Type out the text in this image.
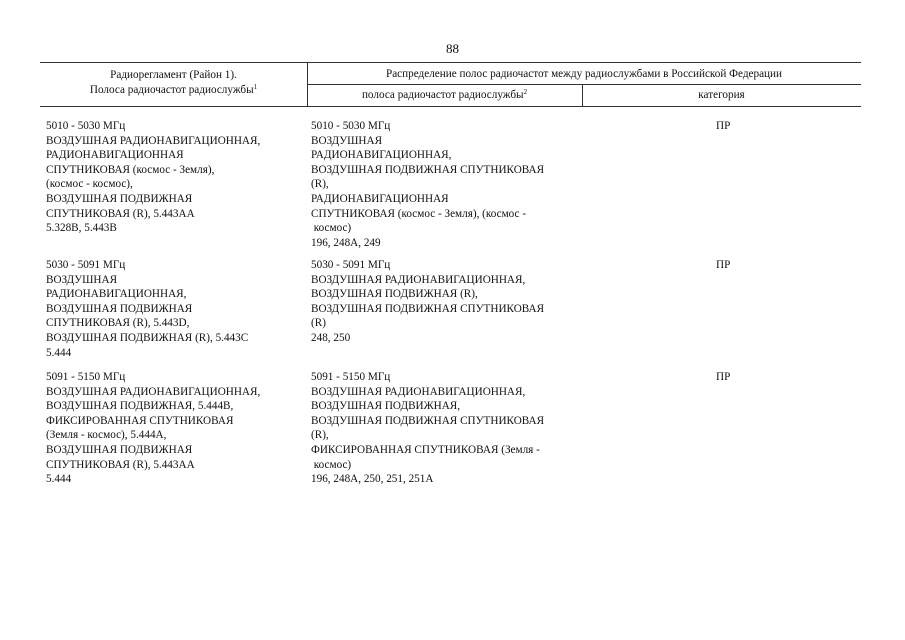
88
Радиорегламент (Район 1).
Полоса радиочастот радиослужбы$^1$
Распределение полос радиочастот между радиослужбами в Российской Федерации
полоса радиочастот радиослужбы$^2$	категория
5010 - 5030 МГц
ВОЗДУШНАЯ РАДИОНАВИГАЦИОННАЯ,
РАДИОНАВИГАЦИОННАЯ
СПУТНИКОВАЯ (космос - Земля),
(космос - космос),
ВОЗДУШНАЯ ПОДВИЖНАЯ
СПУТНИКОВАЯ (R), 5.443АА
5.328В, 5.443В
5010 - 5030 МГц
ВОЗДУШНАЯ
РАДИОНАВИГАЦИОННАЯ,
ВОЗДУШНАЯ ПОДВИЖНАЯ СПУТНИКОВАЯ
(R),
РАДИОНАВИГАЦИОННАЯ
СПУТНИКОВАЯ (космос - Земля), (космос -
космос)
196, 248А, 249
ПР
5030 - 5091 МГц
ВОЗДУШНАЯ
РАДИОНАВИГАЦИОННАЯ,
ВОЗДУШНАЯ ПОДВИЖНАЯ
СПУТНИКОВАЯ (R), 5.443D,
ВОЗДУШНАЯ ПОДВИЖНАЯ (R), 5.443С
5.444
5030 - 5091 МГц
ВОЗДУШНАЯ РАДИОНАВИГАЦИОННАЯ,
ВОЗДУШНАЯ ПОДВИЖНАЯ (R),
ВОЗДУШНАЯ ПОДВИЖНАЯ СПУТНИКОВАЯ
(R)
248, 250
ПР
5091 - 5150 МГц
ВОЗДУШНАЯ РАДИОНАВИГАЦИОННАЯ,
ВОЗДУШНАЯ ПОДВИЖНАЯ, 5.444В,
ФИКСИРОВАННАЯ СПУТНИКОВАЯ
(Земля - космос), 5.444А,
ВОЗДУШНАЯ ПОДВИЖНАЯ
СПУТНИКОВАЯ (R), 5.443АА
5.444
5091 - 5150 МГц
ВОЗДУШНАЯ РАДИОНАВИГАЦИОННАЯ,
ВОЗДУШНАЯ ПОДВИЖНАЯ,
ВОЗДУШНАЯ ПОДВИЖНАЯ СПУТНИКОВАЯ
(R),
ФИКСИРОВАННАЯ СПУТНИКОВАЯ (Земля -
космос)
196, 248А, 250, 251, 251А
ПР
